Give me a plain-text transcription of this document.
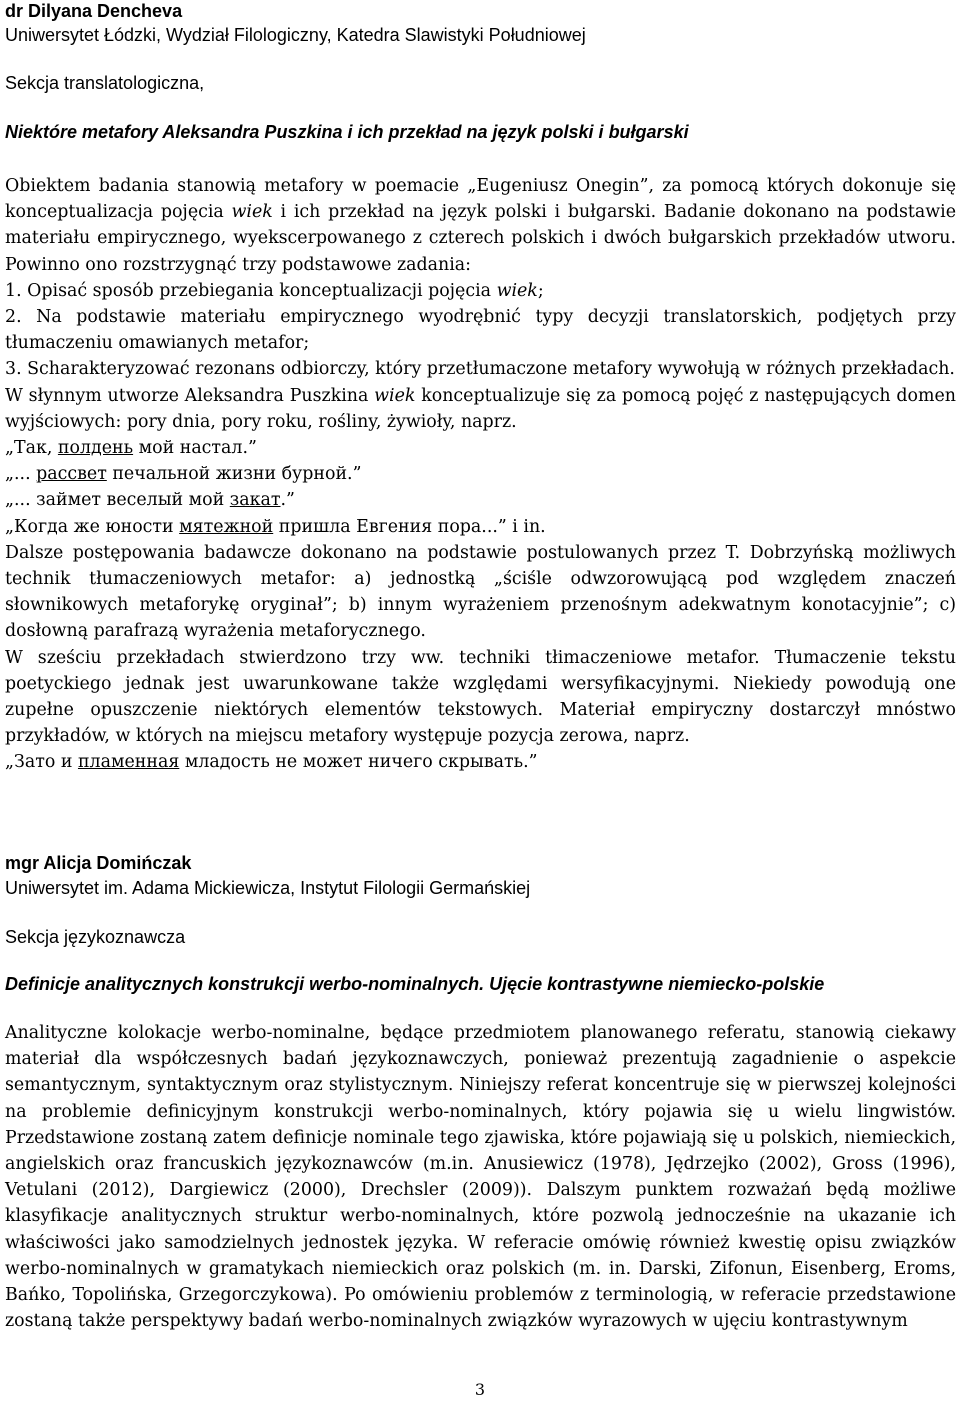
dr Dilyana Dencheva

Uniwersytet Łódzki, Wydział Filologiczny, Katedra Slawistyki Południowej

Sekcja translatologiczna,

Niektóre metafory Aleksandra Puszkina i ich przekład na język polski i bułgarski

Obiektem badania stanowią metafory w poemacie „Eugeniusz Onegin”, za pomocą których dokonuje się konceptualizacja pojęcia wiek i ich przekład na język polski i bułgarski. Badanie dokonano na podstawie materiału empirycznego, wyekscerpowanego z czterech polskich i dwóch bułgarskich przekładów utworu. Powinno ono rozstrzygnąć trzy podstawowe zadania:

1. Opisać sposób przebiegania konceptualizacji pojęcia wiek;

2. Na podstawie materiału empirycznego wyodrębnić typy decyzji translatorskich, podjętych przy tłumaczeniu omawianych metafor;

3. Scharakteryzować rezonans odbiorczy, który przetłumaczone metafory wywołują w różnych przekładach.

W słynnym utworze Aleksandra Puszkina wiek konceptualizuje się za pomocą pojęć z następujących domen wyjściowych: pory dnia, pory roku, rośliny, żywioły, naprz.

„Так, полдень мой настал.”

„... рассвет печальной жизни бурной.”

„... займет веселый мой закат.”

„Когда же юности мятежной пришла Евгения пора...” i in.

Dalsze postępowania badawcze dokonano na podstawie postulowanych przez T. Dobrzyńską możliwych technik tłumaczeniowych metafor: a) jednostką „ściśle odwzorowującą pod względem znaczeń słownikowych metaforykę oryginał”; b) innym wyrażeniem przenośnym adekwatnym konotacyjnie”; c) dosłowną parafrazą wyrażenia metaforycznego.

W sześciu przekładach stwierdzono trzy ww. techniki tłimaczeniowe metafor. Tłumaczenie tekstu poetyckiego jednak jest uwarunkowane także względami wersyfikacyjnymi. Niekiedy powodują one zupełne opuszczenie niektórych elementów tekstowych. Materiał empiryczny dostarczył mnóstwo przykładów, w których na miejscu metafory występuje pozycja zerowa, naprz.

„Зато и пламенная младость не может ничего скрывать.”

mgr Alicja Domińczak

Uniwersytet im. Adama Mickiewicza, Instytut Filologii Germańskiej

Sekcja językoznawcza

Definicje analitycznych konstrukcji werbo-nominalnych. Ujęcie kontrastywne niemiecko-polskie

Analityczne kolokacje werbo-nominalne, będące przedmiotem planowanego referatu, stanowią ciekawy materiał dla współczesnych badań językoznawczych, ponieważ prezentują zagadnienie o aspekcie semantycznym, syntaktycznym oraz stylistycznym. Niniejszy referat koncentruje się w pierwszej kolejności na problemie definicyjnym konstrukcji werbo-nominalnych, który pojawia się u wielu lingwistów. Przedstawione zostaną zatem definicje nominale tego zjawiska, które pojawiają się u polskich, niemieckich, angielskich oraz francuskich językoznawców (m.in. Anusiewicz (1978), Jędrzejko (2002), Gross (1996), Vetulani (2012), Dargiewicz (2000), Drechsler (2009)). Dalszym punktem rozważań będą możliwe klasyfikacje analitycznych struktur werbo-nominalnych, które pozwolą jednocześnie na ukazanie ich właściwości jako samodzielnych jednostek języka. W referacie omówię również kwestię opisu związków werbo-nominalnych w gramatykach niemieckich oraz polskich (m. in. Darski, Zifonun, Eisenberg, Eroms, Bańko, Topolińska, Grzegorczykowa). Po omówieniu problemów z terminologią, w referacie przedstawione zostaną także perspektywy badań werbo-nominalnych związków wyrazowych w ujęciu kontrastywnym

3
